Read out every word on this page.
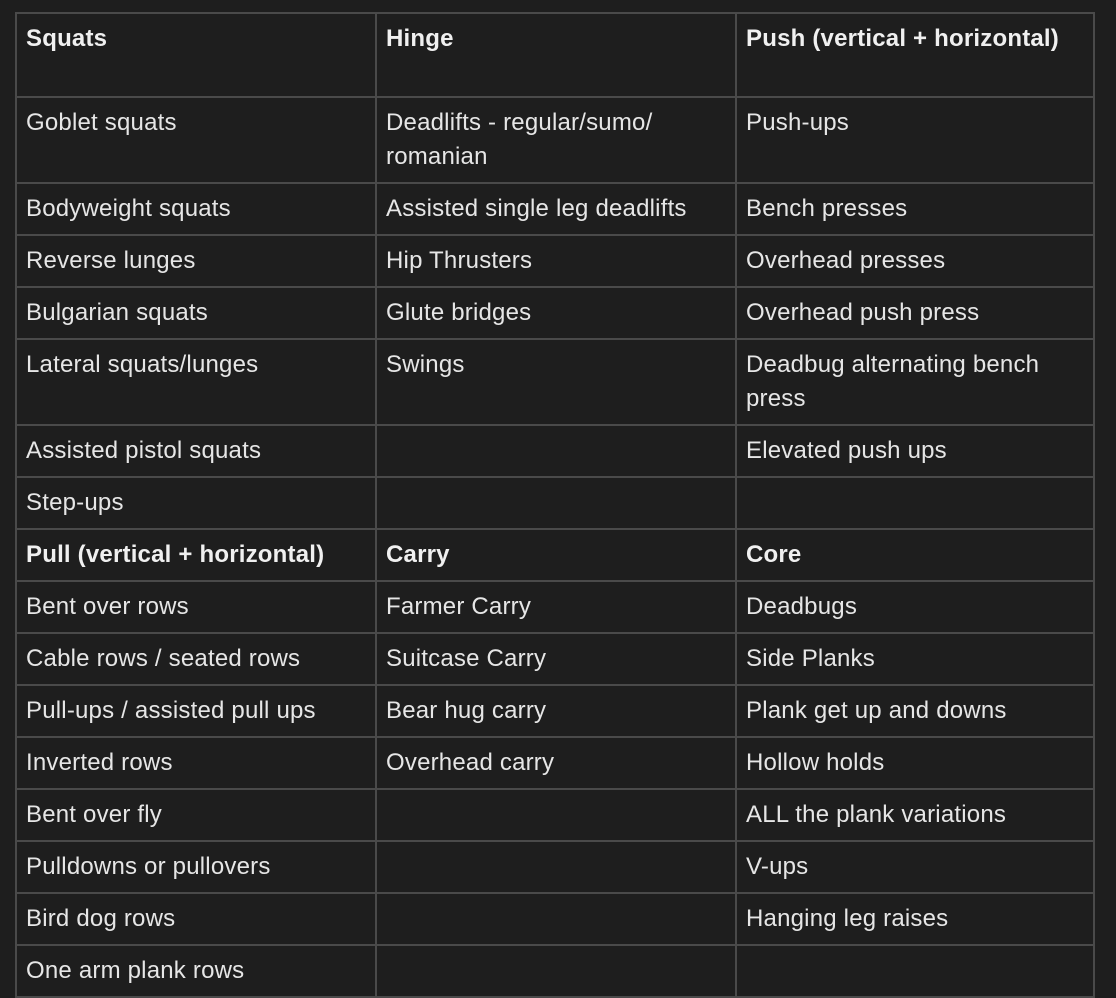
Squats	Hinge	Push (vertical + horizontal)
Goblet squats	Deadlifts - regular/sumo/ romanian	Push-ups
Bodyweight squats	Assisted single leg deadlifts	Bench presses
Reverse lunges	Hip Thrusters	Overhead presses
Bulgarian squats	Glute bridges	Overhead push press
Lateral squats/lunges	Swings	Deadbug alternating bench press
Assisted pistol squats		Elevated push ups
Step-ups		
Pull (vertical + horizontal)	Carry	Core
Bent over rows	Farmer Carry	Deadbugs
Cable rows / seated rows	Suitcase Carry	Side Planks
Pull-ups / assisted pull ups	Bear hug carry	Plank get up and downs
Inverted rows	Overhead carry	Hollow holds
Bent over fly		ALL the plank variations
Pulldowns or pullovers		V-ups
Bird dog rows		Hanging leg raises
One arm plank rows		
